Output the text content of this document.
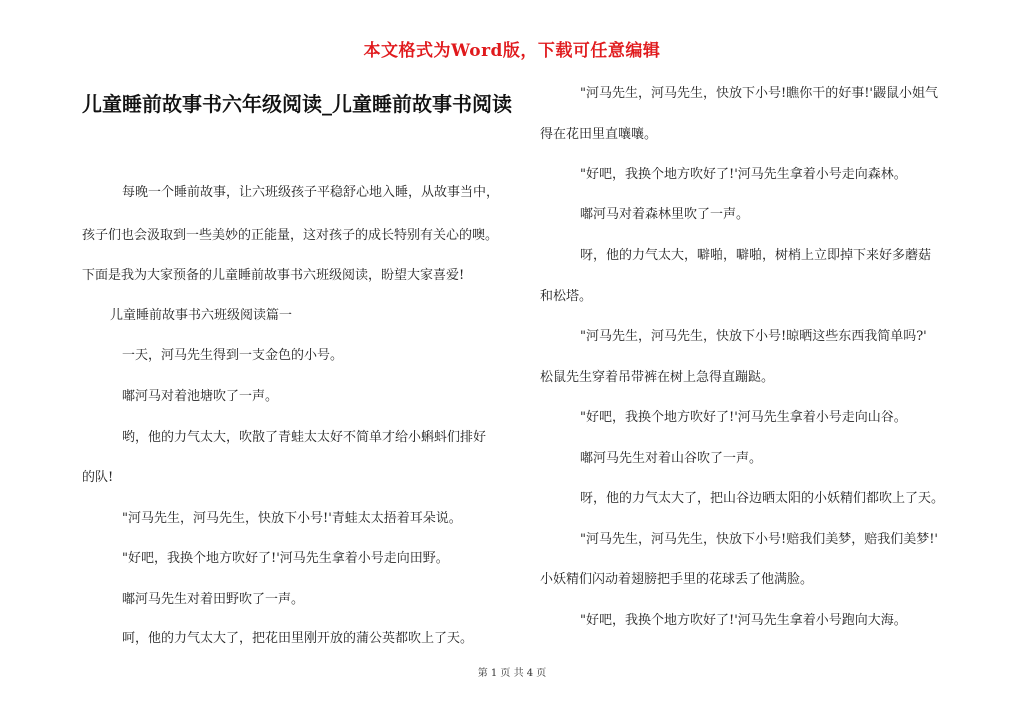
本文格式为Word版，下载可任意编辑
儿童睡前故事书六年级阅读_儿童睡前故事书阅读
每晚一个睡前故事，让六班级孩子平稳舒心地入睡，从故事当中，
孩子们也会汲取到一些美妙的正能量，这对孩子的成长特别有关心的噢。
下面是我为大家预备的儿童睡前故事书六班级阅读，盼望大家喜爱!
儿童睡前故事书六班级阅读篇一
一天，河马先生得到一支金色的小号。
嘟河马对着池塘吹了一声。
哟，他的力气太大，吹散了青蛙太太好不简单才给小蝌蚪们排好
的队!
"河马先生，河马先生，快放下小号!'青蛙太太捂着耳朵说。
"好吧，我换个地方吹好了!'河马先生拿着小号走向田野。
嘟河马先生对着田野吹了一声。
呵，他的力气太大了，把花田里刚开放的蒲公英都吹上了天。
"河马先生，河马先生，快放下小号!瞧你干的好事!'鼹鼠小姐气
得在花田里直嚷嚷。
"好吧，我换个地方吹好了!'河马先生拿着小号走向森林。
嘟河马对着森林里吹了一声。
呀，他的力气太大，噼啪，噼啪，树梢上立即掉下来好多蘑菇
和松塔。
"河马先生，河马先生，快放下小号!晾晒这些东西我简单吗?'
松鼠先生穿着吊带裤在树上急得直蹦跶。
"好吧，我换个地方吹好了!'河马先生拿着小号走向山谷。
嘟河马先生对着山谷吹了一声。
呀，他的力气太大了，把山谷边晒太阳的小妖精们都吹上了天。
"河马先生，河马先生，快放下小号!赔我们美梦，赔我们美梦!'
小妖精们闪动着翅膀把手里的花球丢了他满脸。
"好吧，我换个地方吹好了!'河马先生拿着小号跑向大海。
第 1 页 共 4 页
